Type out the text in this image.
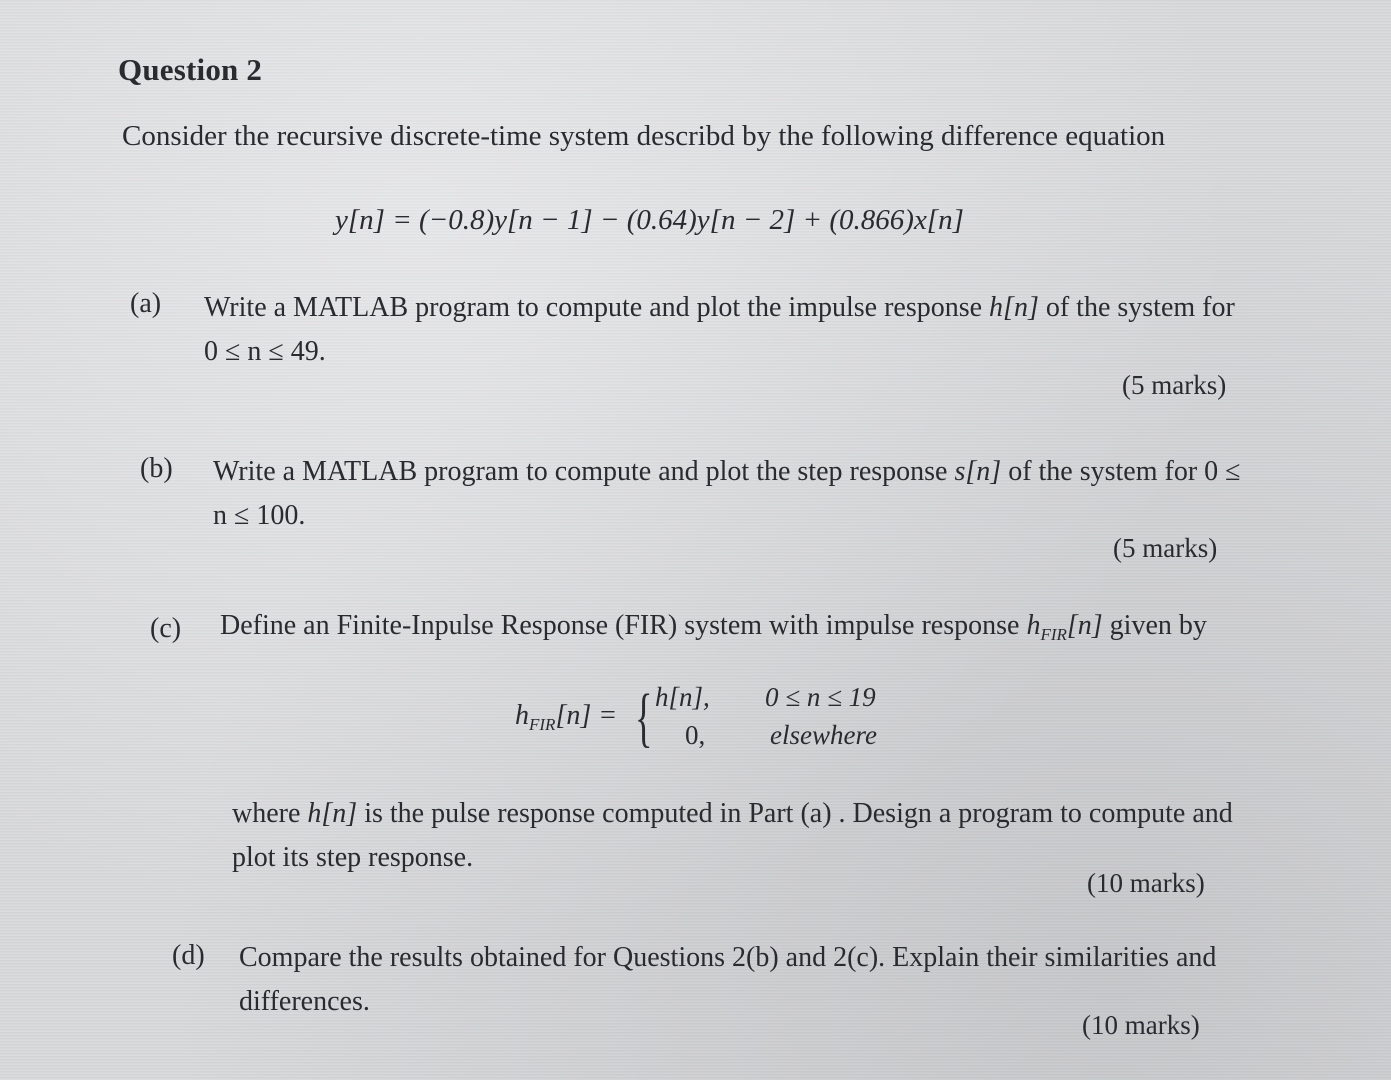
Question 2
Consider the recursive discrete-time system describd by the following difference equation
y[n] = (−0.8)y[n − 1] − (0.64)y[n − 2] + (0.866)x[n]
(a) Write a MATLAB program to compute and plot the impulse response h[n] of the system for 0 ≤ n ≤ 49.
(5 marks)
(b) Write a MATLAB program to compute and plot the step response s[n] of the system for 0 ≤ n ≤ 100.
(5 marks)
(c) Define an Finite-Inpulse Response (FIR) system with impulse response $h_{FIR}[n]$ given by
$h_{FIR}[n]$ = { h[n],
0,
0 ≤ n ≤ 19
elsewhere
where h[n] is the pulse response computed in Part (a) . Design a program to compute and plot its step response.
(10 marks)
(d) Compare the results obtained for Questions 2(b) and 2(c). Explain their similarities and differences.
(10 marks)
